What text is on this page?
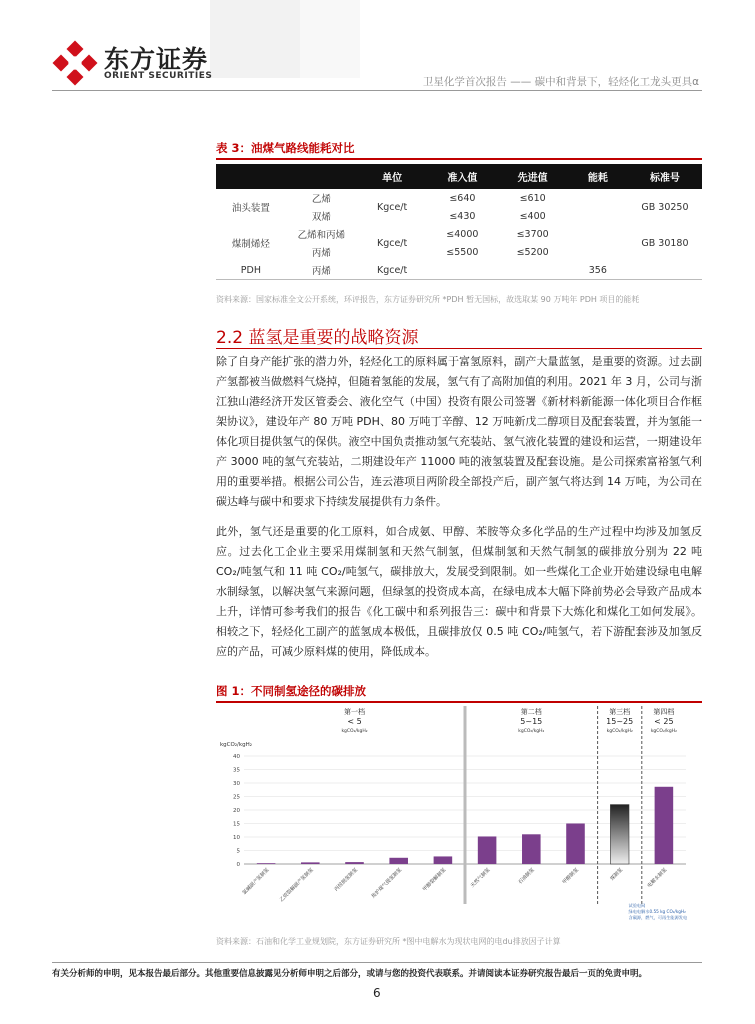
东方证券
ORIENT SECURITIES	卫星化学首次报告 —— 碳中和背景下，轻烃化工龙头更具α
表 3：油煤气路线能耗对比
		单位	准入值	先进值	能耗	标准号
油头装置	乙烯	Kgce/t	≤640	≤610		GB 30250
	双烯		≤430	≤400		
煤制烯烃	乙烯和丙烯	Kgce/t	≤4000	≤3700		GB 30180
	丙烯		≤5500	≤5200		
PDH	丙烯	Kgce/t			356	
资料来源：国家标准全文公开系统，环评报告，东方证券研究所 *PDH 暂无国标，故选取某 90 万吨年 PDH 项目的能耗
2.2 蓝氢是重要的战略资源
除了自身产能扩张的潜力外，轻烃化工的原料属于富氢原料，副产大量蓝氢，是重要的资源。过去副产氢都被当做燃料气烧掉，但随着氢能的发展，氢气有了高附加值的利用。2021 年 3 月，公司与浙江独山港经济开发区管委会、液化空气（中国）投资有限公司签署《新材料新能源一体化项目合作框架协议》，建设年产 80 万吨 PDH、80 万吨丁辛醇、12 万吨新戊二醇项目及配套装置，并为氢能一体化项目提供氢气的保供。液空中国负责推动氢气充装站、氢气液化装置的建设和运营，一期建设年产 3000 吨的氢气充装站，二期建设年产 11000 吨的液氢装置及配套设施。是公司探索富裕氢气利用的重要举措。根据公司公告，连云港项目两阶段全部投产后，副产氢气将达到 14 万吨，为公司在碳达峰与碳中和要求下持续发展提供有力条件。
此外，氢气还是重要的化工原料，如合成氨、甲醇、苯胺等众多化学品的生产过程中均涉及加氢反应。过去化工企业主要采用煤制氢和天然气制氢，但煤制氢和天然气制氢的碳排放分别为 22 吨 CO₂/吨氢气和 11 吨 CO₂/吨氢气，碳排放大，发展受到限制。如一些煤化工企业开始建设绿电电解水制绿氢，以解决氢气来源问题，但绿氢的投资成本高，在绿电成本大幅下降前势必会导致产品成本上升，详情可参考我们的报告《化工碳中和系列报告三：碳中和背景下大炼化和煤化工如何发展》。相较之下，轻烃化工副产的蓝氢成本极低，且碳排放仅 0.5 吨 CO₂/吨氢气，若下游配套涉及加氢反应的产品，可减少原料煤的使用，降低成本。
图 1：不同制氢途径的碳排放
kgCO₂/kgH₂
0
5
10
15
20
25
30
35
40
第一档
< 5
kgCO₂/kgH₂
第二档
5~15
kgCO₂/kgH₂
第三档
15~25
kgCO₂/kgH₂
第四档
< 25
kgCO₂/kgH₂
氯碱副产氢制氢 乙烷裂解副产氢制氢	丙烷脱氢制氢 焦炉煤气提氢制氢	甲醇裂解制氢	天然气制氢	石油制氢	甲醇制氢	煤制氢	电解水制氢
试验电网
绿电电解水0.55 kg CO₂/kgH₂
含碳源，燃气，可再生能源发电
资料来源：石油和化学工业规划院，东方证券研究所 *图中电解水为现状电网的电du排放因子计算
有关分析师的申明，见本报告最后部分。其他重要信息披露见分析师申明之后部分，或请与您的投资代表联系。并请阅读本证券研究报告最后一页的免责申明。
6
